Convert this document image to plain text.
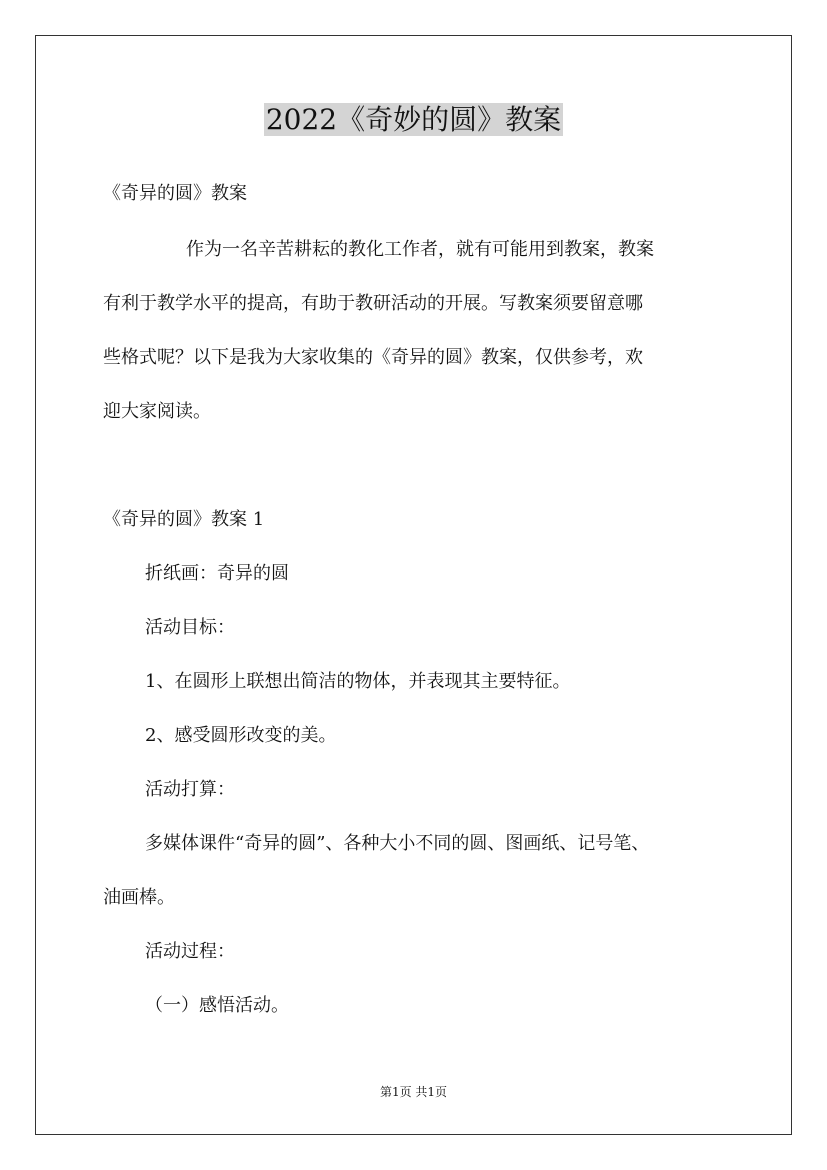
2022《奇妙的圆》教案

《奇异的圆》教案

作为一名辛苦耕耘的教化工作者，就有可能用到教案，教案

有利于教学水平的提高，有助于教研活动的开展。写教案须要留意哪

些格式呢？以下是我为大家收集的《奇异的圆》教案，仅供参考，欢

迎大家阅读。

《奇异的圆》教案 1

折纸画：奇异的圆

活动目标：

1、在圆形上联想出简洁的物体，并表现其主要特征。

2、感受圆形改变的美。

活动打算：

多媒体课件“奇异的圆”、各种大小不同的圆、图画纸、记号笔、

油画棒。

活动过程：

（一）感悟活动。

第1页 共1页
